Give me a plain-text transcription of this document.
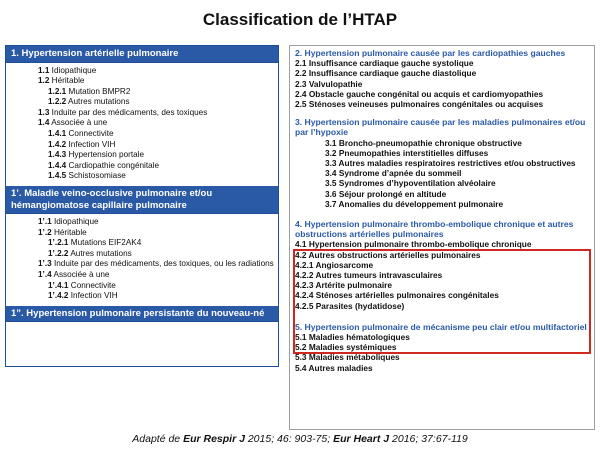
Classification de l’HTAP
1. Hypertension artérielle pulmonaire
1.1 Idiopathique
1.2 Héritable
1.2.1 Mutation BMPR2
1.2.2 Autres mutations
1.3 Induite par des médicaments, des toxiques
1.4 Associée à une
1.4.1 Connectivite
1.4.2 Infection VIH
1.4.3 Hypertension portale
1.4.4 Cardiopathie congénitale
1.4.5 Schistosomiase
1’. Maladie veino-occlusive pulmonaire et/ou hémangiomatose capillaire pulmonaire
1’.1 Idiopathique
1’.2 Héritable
1’.2.1 Mutations EIF2AK4
1’.2.2 Autres mutations
1’.3 Induite par des médicaments, des toxiques, ou les radiations
1’.4 Associée à une
1’.4.1 Connectivite
1’.4.2 Infection VIH
1”. Hypertension pulmonaire persistante du nouveau-né
2. Hypertension pulmonaire causée par les cardiopathies gauches
2.1 Insuffisance cardiaque gauche systolique
2.2 Insuffisance cardiaque gauche diastolique
2.3 Valvulopathie
2.4 Obstacle gauche congénital ou acquis et cardiomyopathies
2.5 Sténoses veineuses pulmonaires congénitales ou acquises
3. Hypertension pulmonaire causée par les maladies pulmonaires et/ou par l’hypoxie
3.1 Broncho-pneumopathie chronique obstructive
3.2 Pneumopathies interstitielles diffuses
3.3 Autres maladies respiratoires restrictives et/ou obstructives
3.4 Syndrome d’apnée du sommeil
3.5 Syndromes d’hypoventilation alvéolaire
3.6 Séjour prolongé en altitude
3.7 Anomalies du développement pulmonaire
4. Hypertension pulmonaire thrombo-embolique chronique et autres obstructions artérielles pulmonaires
4.1 Hypertension pulmonaire thrombo-embolique chronique
4.2 Autres obstructions artérielles pulmonaires
4.2.1 Angiosarcome
4.2.2 Autres tumeurs intravasculaires
4.2.3 Artérite pulmonaire
4.2.4 Sténoses artérielles pulmonaires congénitales
4.2.5 Parasites (hydatidose)
5. Hypertension pulmonaire de mécanisme peu clair et/ou multifactoriel
5.1 Maladies hématologiques
5.2 Maladies systémiques
5.3 Maladies métaboliques
5.4 Autres maladies
Adapté de Eur Respir J 2015; 46: 903-75; Eur Heart J 2016; 37:67-119
